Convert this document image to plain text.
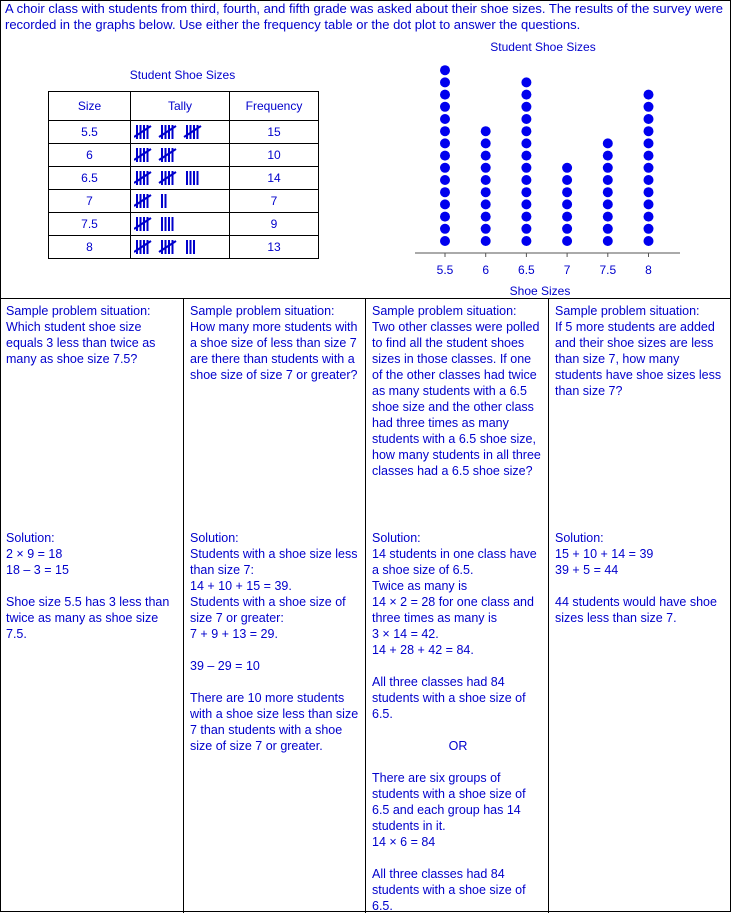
A choir class with students from third, fourth, and fifth grade was asked about their shoe sizes. The results of the survey were recorded in the graphs below. Use either the frequency table or the dot plot to answer the questions.

Student Shoe Sizes
Size	Tally	Frequency
5.5		15
6		10
6.5		14
7		7
7.5		9
8		13
Student Shoe Sizes
5.5 6 6.5 7 7.5 8
Shoe Sizes

Sample problem situation:
Which student shoe size equals 3 less than twice as many as shoe size 7.5?

Solution:
2 × 9 = 18
18 – 3 = 15

Shoe size 5.5 has 3 less than twice as many as shoe size 7.5.

Sample problem situation:
How many more students with a shoe size of less than size 7 are there than students with a shoe size of size 7 or greater?

Solution:
Students with a shoe size less than size 7:
14 + 10 + 15 = 39.
Students with a shoe size of size 7 or greater:
7 + 9 + 13 = 29.

39 – 29 = 10

There are 10 more students with a shoe size less than size 7 than students with a shoe size of size 7 or greater.

Sample problem situation:
Two other classes were polled to find all the student shoes sizes in those classes. If one of the other classes had twice as many students with a 6.5 shoe size and the other class had three times as many students with a 6.5 shoe size, how many students in all three classes had a 6.5 shoe size?

Solution:
14 students in one class have a shoe size of 6.5.
Twice as many is
14 × 2 = 28 for one class and three times as many is
3 × 14 = 42.
14 + 28 + 42 = 84.

All three classes had 84 students with a shoe size of 6.5.

OR

There are six groups of students with a shoe size of 6.5 and each group has 14 students in it.
14 × 6 = 84

All three classes had 84 students with a shoe size of 6.5.

Sample problem situation:
If 5 more students are added and their shoe sizes are less than size 7, how many students have shoe sizes less than size 7?

Solution:
15 + 10 + 14 = 39
39 + 5 = 44

44 students would have shoe sizes less than size 7.
